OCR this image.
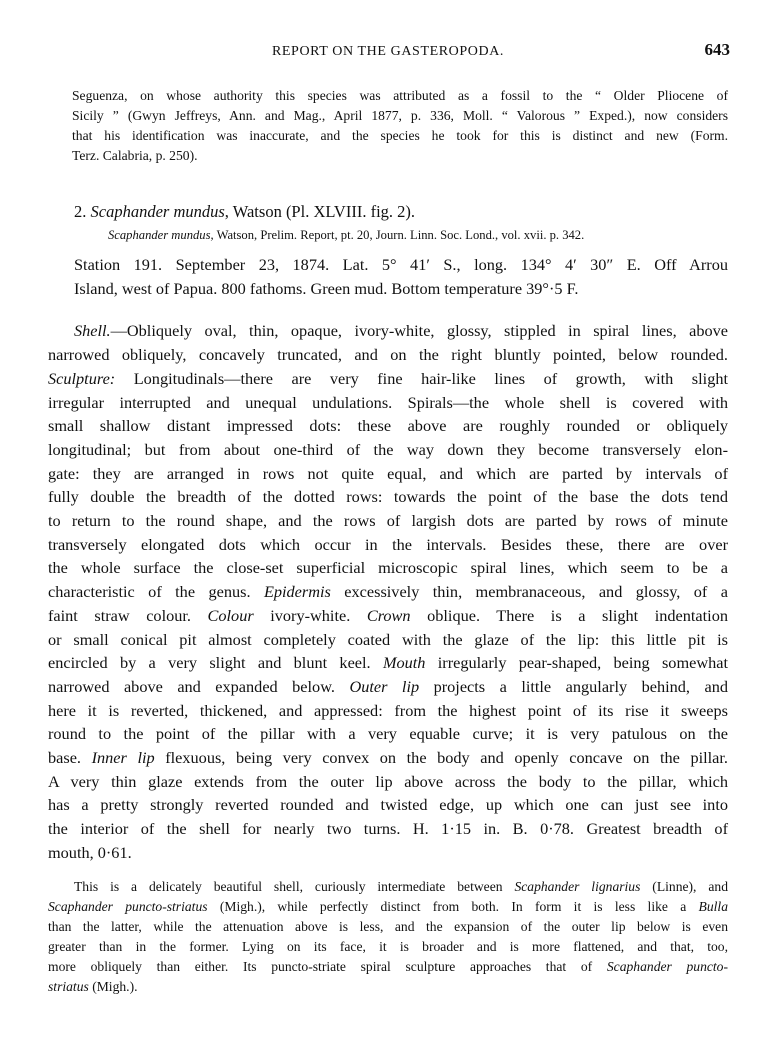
REPORT ON THE GASTEROPODA.	643
Seguenza, on whose authority this species was attributed as a fossil to the “ Older Pliocene of
Sicily ” (Gwyn Jeffreys, Ann. and Mag., April 1877, p. 336, Moll. “ Valorous ” Exped.), now considers
that his identification was inaccurate, and the species he took for this is distinct and new (Form.
Terz. Calabria, p. 250).
2. Scaphander mundus, Watson (Pl. XLVIII. fig. 2).
Scaphander mundus, Watson, Prelim. Report, pt. 20, Journ. Linn. Soc. Lond., vol. xvii. p. 342.
Station 191. September 23, 1874. Lat. 5° 41′ S., long. 134° 4′ 30″ E. Off Arrou
Island, west of Papua. 800 fathoms. Green mud. Bottom temperature 39°·5 F.
Shell.—Obliquely oval, thin, opaque, ivory-white, glossy, stippled in spiral lines, above
narrowed obliquely, concavely truncated, and on the right bluntly pointed, below rounded.
Sculpture: Longitudinals—there are very fine hair-like lines of growth, with slight
irregular interrupted and unequal undulations. Spirals—the whole shell is covered with
small shallow distant impressed dots: these above are roughly rounded or obliquely
longitudinal; but from about one-third of the way down they become transversely elon-
gate: they are arranged in rows not quite equal, and which are parted by intervals of
fully double the breadth of the dotted rows: towards the point of the base the dots tend
to return to the round shape, and the rows of largish dots are parted by rows of minute
transversely elongated dots which occur in the intervals. Besides these, there are over
the whole surface the close-set superficial microscopic spiral lines, which seem to be a
characteristic of the genus. Epidermis excessively thin, membranaceous, and glossy, of a
faint straw colour. Colour ivory-white. Crown oblique. There is a slight indentation
or small conical pit almost completely coated with the glaze of the lip: this little pit is
encircled by a very slight and blunt keel. Mouth irregularly pear-shaped, being somewhat
narrowed above and expanded below. Outer lip projects a little angularly behind, and
here it is reverted, thickened, and appressed: from the highest point of its rise it sweeps
round to the point of the pillar with a very equable curve; it is very patulous on the
base. Inner lip flexuous, being very convex on the body and openly concave on the pillar.
A very thin glaze extends from the outer lip above across the body to the pillar, which
has a pretty strongly reverted rounded and twisted edge, up which one can just see into
the interior of the shell for nearly two turns. H. 1·15 in. B. 0·78. Greatest breadth of
mouth, 0·61.
This is a delicately beautiful shell, curiously intermediate between Scaphander lignarius (Linne), and
Scaphander puncto-striatus (Migh.), while perfectly distinct from both. In form it is less like a Bulla
than the latter, while the attenuation above is less, and the expansion of the outer lip below is even
greater than in the former. Lying on its face, it is broader and is more flattened, and that, too,
more obliquely than either. Its puncto-striate spiral sculpture approaches that of Scaphander puncto-
striatus (Migh.).
